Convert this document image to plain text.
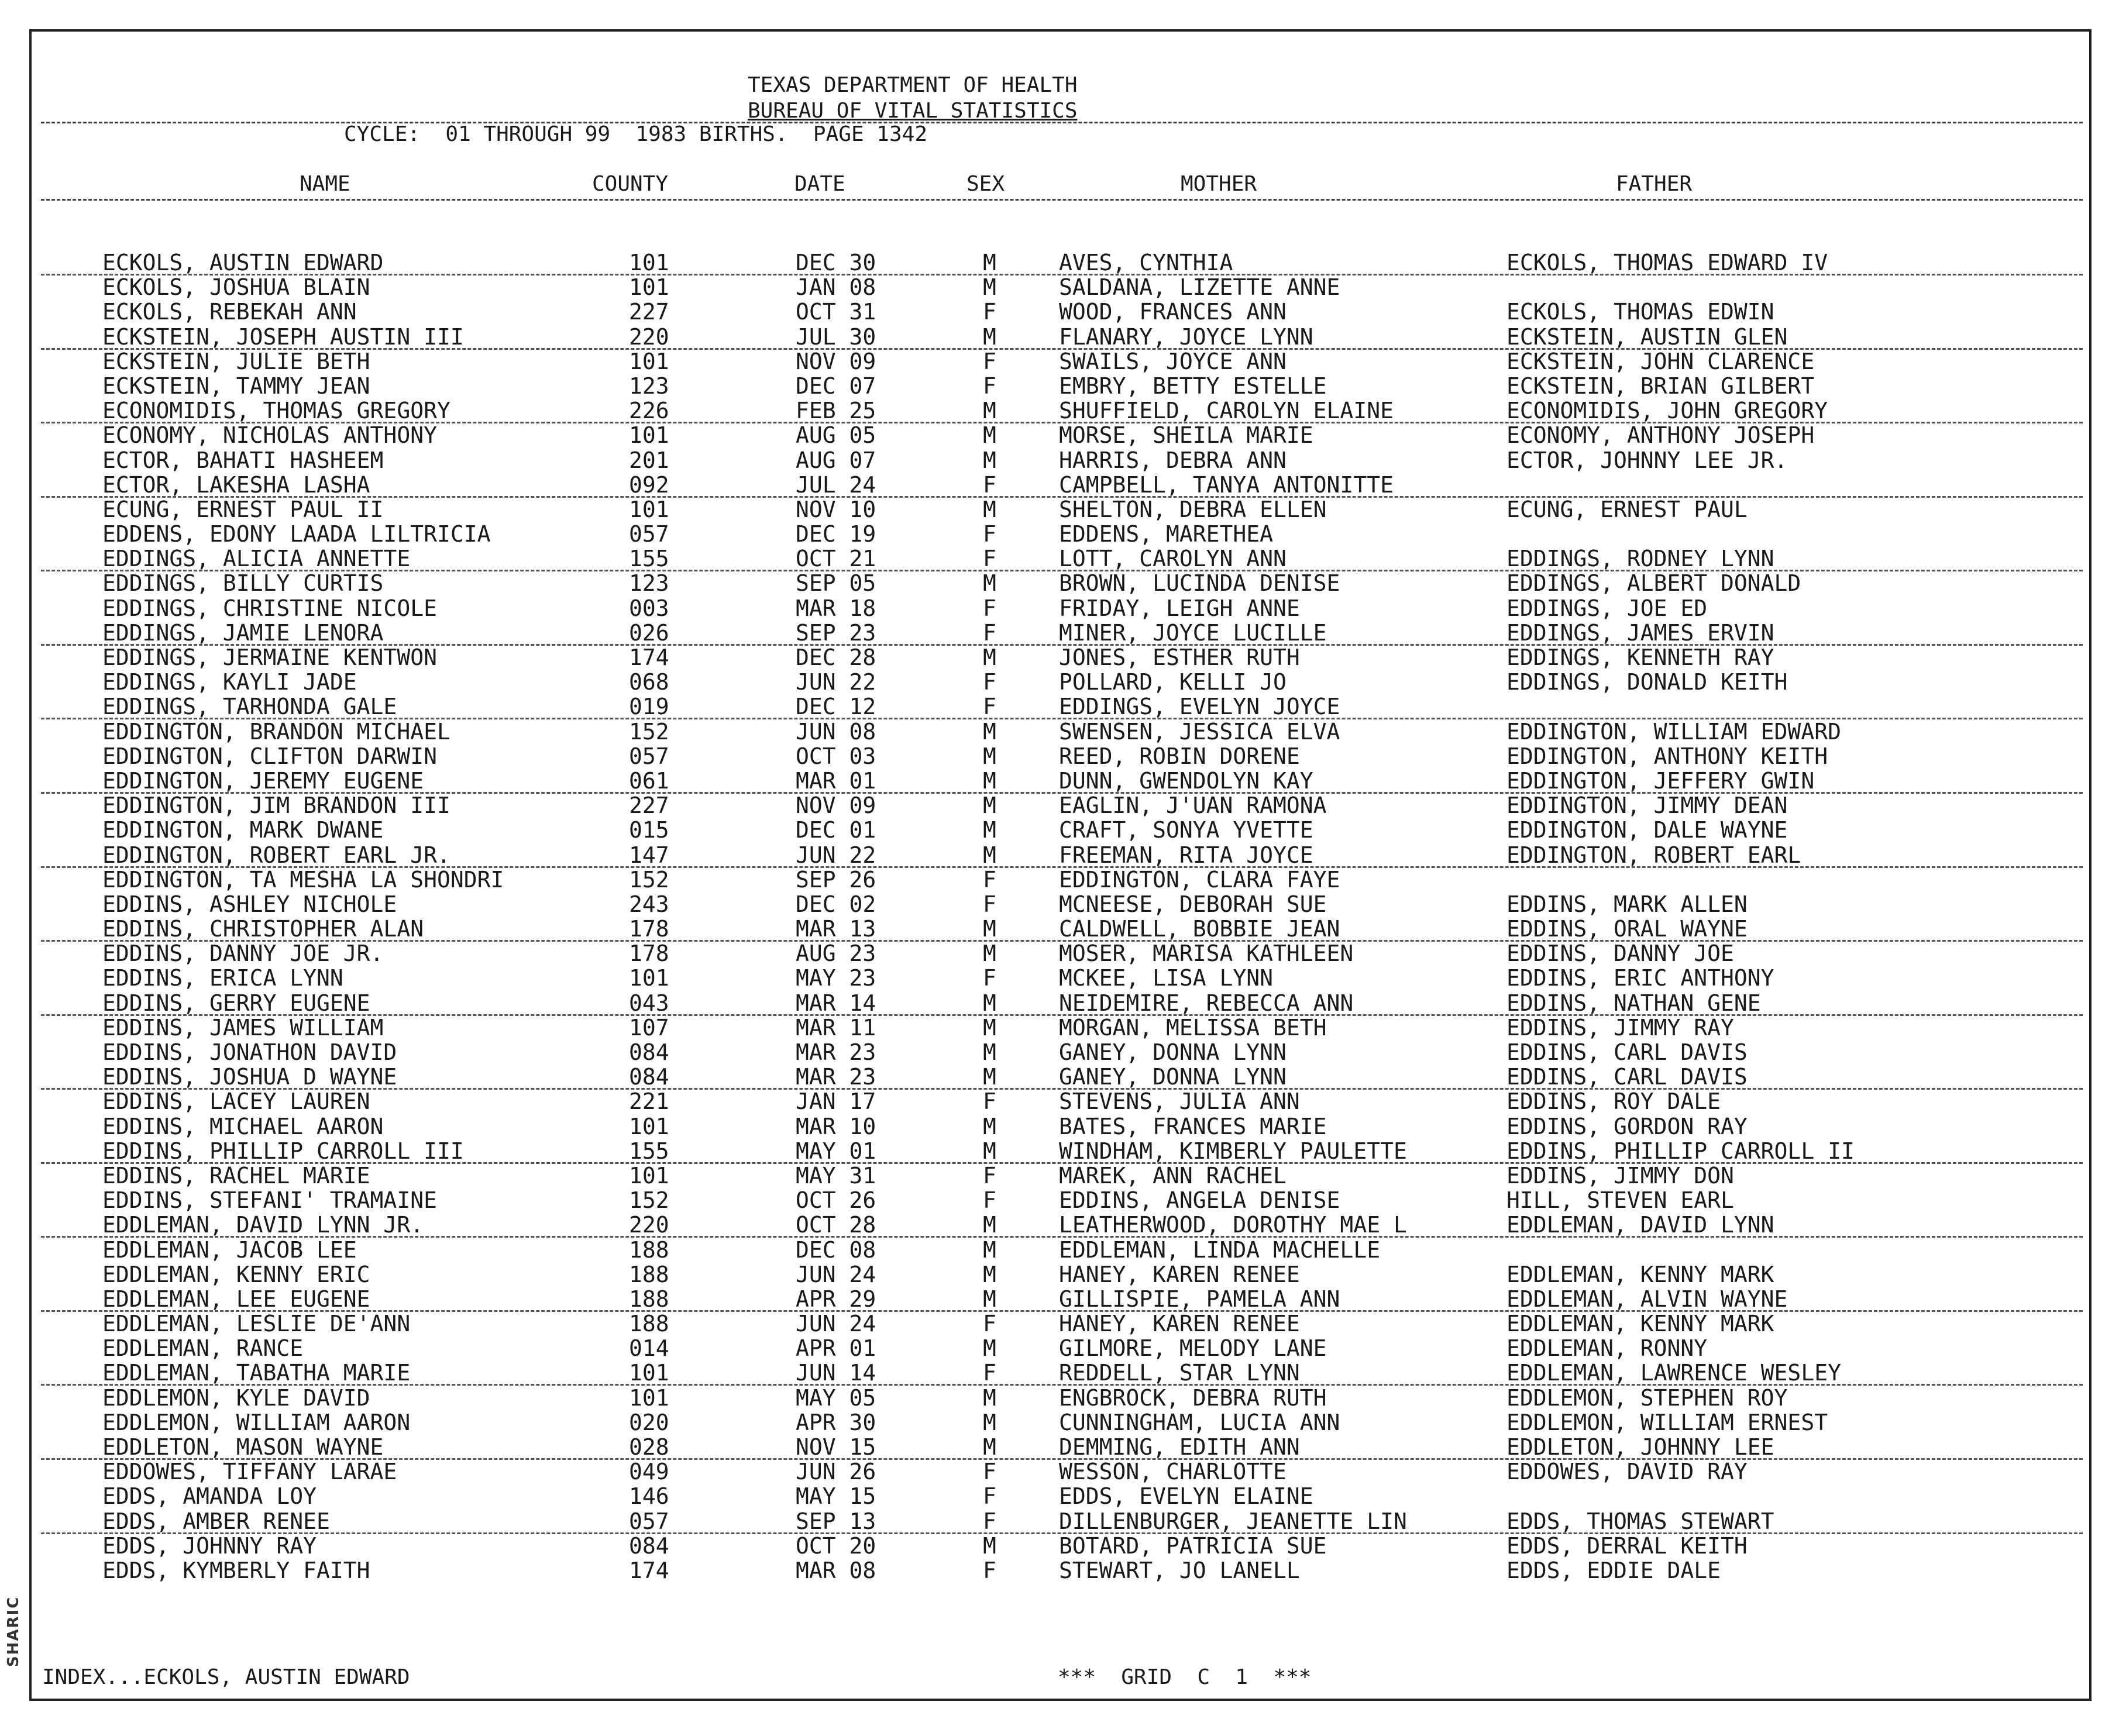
SHARIC
TEXAS DEPARTMENT OF HEALTH
BUREAU OF VITAL STATISTICS
CYCLE:  01 THROUGH 99  1983 BIRTHS.  PAGE 1342
NAME	COUNTY	DATE	SEX	MOTHER	FATHER
ECKOLS, AUSTIN EDWARD	101	DEC 30	M	AVES, CYNTHIA	ECKOLS, THOMAS EDWARD IV
ECKOLS, JOSHUA BLAIN	101	JAN 08	M	SALDANA, LIZETTE ANNE
ECKOLS, REBEKAH ANN	227	OCT 31	F	WOOD, FRANCES ANN	ECKOLS, THOMAS EDWIN
ECKSTEIN, JOSEPH AUSTIN III	220	JUL 30	M	FLANARY, JOYCE LYNN	ECKSTEIN, AUSTIN GLEN
ECKSTEIN, JULIE BETH	101	NOV 09	F	SWAILS, JOYCE ANN	ECKSTEIN, JOHN CLARENCE
ECKSTEIN, TAMMY JEAN	123	DEC 07	F	EMBRY, BETTY ESTELLE	ECKSTEIN, BRIAN GILBERT
ECONOMIDIS, THOMAS GREGORY	226	FEB 25	M	SHUFFIELD, CAROLYN ELAINE	ECONOMIDIS, JOHN GREGORY
ECONOMY, NICHOLAS ANTHONY	101	AUG 05	M	MORSE, SHEILA MARIE	ECONOMY, ANTHONY JOSEPH
ECTOR, BAHATI HASHEEM	201	AUG 07	M	HARRIS, DEBRA ANN	ECTOR, JOHNNY LEE JR.
ECTOR, LAKESHA LASHA	092	JUL 24	F	CAMPBELL, TANYA ANTONITTE
ECUNG, ERNEST PAUL II	101	NOV 10	M	SHELTON, DEBRA ELLEN	ECUNG, ERNEST PAUL
EDDENS, EDONY LAADA LILTRICIA	057	DEC 19	F	EDDENS, MARETHEA
EDDINGS, ALICIA ANNETTE	155	OCT 21	F	LOTT, CAROLYN ANN	EDDINGS, RODNEY LYNN
EDDINGS, BILLY CURTIS	123	SEP 05	M	BROWN, LUCINDA DENISE	EDDINGS, ALBERT DONALD
EDDINGS, CHRISTINE NICOLE	003	MAR 18	F	FRIDAY, LEIGH ANNE	EDDINGS, JOE ED
EDDINGS, JAMIE LENORA	026	SEP 23	F	MINER, JOYCE LUCILLE	EDDINGS, JAMES ERVIN
EDDINGS, JERMAINE KENTWON	174	DEC 28	M	JONES, ESTHER RUTH	EDDINGS, KENNETH RAY
EDDINGS, KAYLI JADE	068	JUN 22	F	POLLARD, KELLI JO	EDDINGS, DONALD KEITH
EDDINGS, TARHONDA GALE	019	DEC 12	F	EDDINGS, EVELYN JOYCE
EDDINGTON, BRANDON MICHAEL	152	JUN 08	M	SWENSEN, JESSICA ELVA	EDDINGTON, WILLIAM EDWARD
EDDINGTON, CLIFTON DARWIN	057	OCT 03	M	REED, ROBIN DORENE	EDDINGTON, ANTHONY KEITH
EDDINGTON, JEREMY EUGENE	061	MAR 01	M	DUNN, GWENDOLYN KAY	EDDINGTON, JEFFERY GWIN
EDDINGTON, JIM BRANDON III	227	NOV 09	M	EAGLIN, J'UAN RAMONA	EDDINGTON, JIMMY DEAN
EDDINGTON, MARK DWANE	015	DEC 01	M	CRAFT, SONYA YVETTE	EDDINGTON, DALE WAYNE
EDDINGTON, ROBERT EARL JR.	147	JUN 22	M	FREEMAN, RITA JOYCE	EDDINGTON, ROBERT EARL
EDDINGTON, TA MESHA LA SHONDRI	152	SEP 26	F	EDDINGTON, CLARA FAYE
EDDINS, ASHLEY NICHOLE	243	DEC 02	F	MCNEESE, DEBORAH SUE	EDDINS, MARK ALLEN
EDDINS, CHRISTOPHER ALAN	178	MAR 13	M	CALDWELL, BOBBIE JEAN	EDDINS, ORAL WAYNE
EDDINS, DANNY JOE JR.	178	AUG 23	M	MOSER, MARISA KATHLEEN	EDDINS, DANNY JOE
EDDINS, ERICA LYNN	101	MAY 23	F	MCKEE, LISA LYNN	EDDINS, ERIC ANTHONY
EDDINS, GERRY EUGENE	043	MAR 14	M	NEIDEMIRE, REBECCA ANN	EDDINS, NATHAN GENE
EDDINS, JAMES WILLIAM	107	MAR 11	M	MORGAN, MELISSA BETH	EDDINS, JIMMY RAY
EDDINS, JONATHON DAVID	084	MAR 23	M	GANEY, DONNA LYNN	EDDINS, CARL DAVIS
EDDINS, JOSHUA D WAYNE	084	MAR 23	M	GANEY, DONNA LYNN	EDDINS, CARL DAVIS
EDDINS, LACEY LAUREN	221	JAN 17	F	STEVENS, JULIA ANN	EDDINS, ROY DALE
EDDINS, MICHAEL AARON	101	MAR 10	M	BATES, FRANCES MARIE	EDDINS, GORDON RAY
EDDINS, PHILLIP CARROLL III	155	MAY 01	M	WINDHAM, KIMBERLY PAULETTE	EDDINS, PHILLIP CARROLL II
EDDINS, RACHEL MARIE	101	MAY 31	F	MAREK, ANN RACHEL	EDDINS, JIMMY DON
EDDINS, STEFANI' TRAMAINE	152	OCT 26	F	EDDINS, ANGELA DENISE	HILL, STEVEN EARL
EDDLEMAN, DAVID LYNN JR.	220	OCT 28	M	LEATHERWOOD, DOROTHY MAE L	EDDLEMAN, DAVID LYNN
EDDLEMAN, JACOB LEE	188	DEC 08	M	EDDLEMAN, LINDA MACHELLE
EDDLEMAN, KENNY ERIC	188	JUN 24	M	HANEY, KAREN RENEE	EDDLEMAN, KENNY MARK
EDDLEMAN, LEE EUGENE	188	APR 29	M	GILLISPIE, PAMELA ANN	EDDLEMAN, ALVIN WAYNE
EDDLEMAN, LESLIE DE'ANN	188	JUN 24	F	HANEY, KAREN RENEE	EDDLEMAN, KENNY MARK
EDDLEMAN, RANCE	014	APR 01	M	GILMORE, MELODY LANE	EDDLEMAN, RONNY
EDDLEMAN, TABATHA MARIE	101	JUN 14	F	REDDELL, STAR LYNN	EDDLEMAN, LAWRENCE WESLEY
EDDLEMON, KYLE DAVID	101	MAY 05	M	ENGBROCK, DEBRA RUTH	EDDLEMON, STEPHEN ROY
EDDLEMON, WILLIAM AARON	020	APR 30	M	CUNNINGHAM, LUCIA ANN	EDDLEMON, WILLIAM ERNEST
EDDLETON, MASON WAYNE	028	NOV 15	M	DEMMING, EDITH ANN	EDDLETON, JOHNNY LEE
EDDOWES, TIFFANY LARAE	049	JUN 26	F	WESSON, CHARLOTTE	EDDOWES, DAVID RAY
EDDS, AMANDA LOY	146	MAY 15	F	EDDS, EVELYN ELAINE
EDDS, AMBER RENEE	057	SEP 13	F	DILLENBURGER, JEANETTE LIN	EDDS, THOMAS STEWART
EDDS, JOHNNY RAY	084	OCT 20	M	BOTARD, PATRICIA SUE	EDDS, DERRAL KEITH
EDDS, KYMBERLY FAITH	174	MAR 08	F	STEWART, JO LANELL	EDDS, EDDIE DALE
INDEX...ECKOLS, AUSTIN EDWARD	***  GRID  C  1  ***
